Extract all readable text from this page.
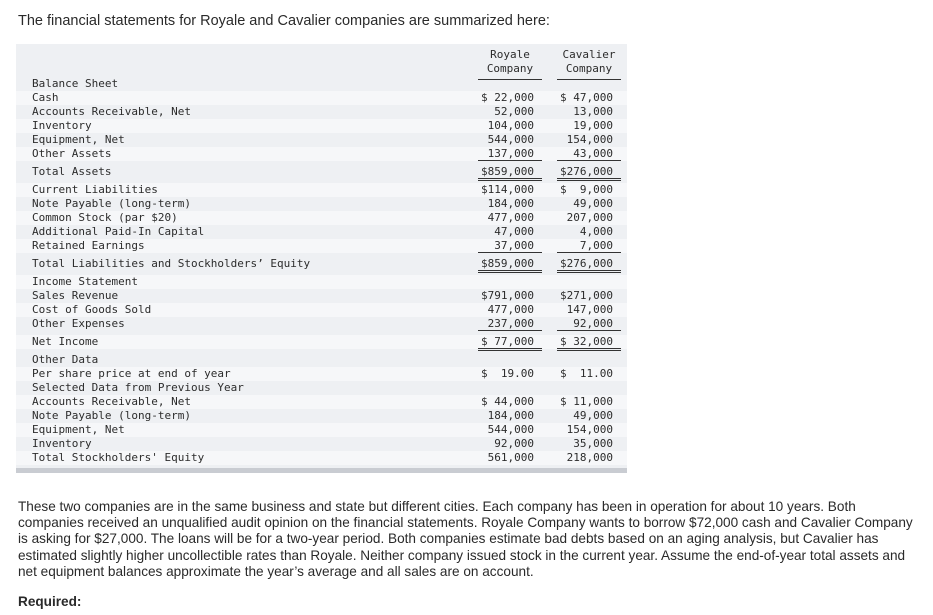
The financial statements for Royale and Cavalier companies are summarized here:
Royale
Company
Cavalier
Company
Balance Sheet
Cash	$ 22,000	$ 47,000
Accounts Receivable, Net	52,000	13,000
Inventory	104,000	19,000
Equipment, Net	544,000	154,000
Other Assets	137,000	43,000
Total Assets	$859,000	$276,000
Current Liabilities	$114,000	$  9,000
Note Payable (long-term)	184,000	49,000
Common Stock (par $20)	477,000	207,000
Additional Paid-In Capital	47,000	4,000
Retained Earnings	37,000	7,000
Total Liabilities and Stockholders’ Equity	$859,000	$276,000
Income Statement
Sales Revenue	$791,000	$271,000
Cost of Goods Sold	477,000	147,000
Other Expenses	237,000	92,000
Net Income	$ 77,000	$ 32,000
Other Data
Per share price at end of year	$  19.00	$  11.00
Selected Data from Previous Year
Accounts Receivable, Net	$ 44,000	$ 11,000
Note Payable (long-term)	184,000	49,000
Equipment, Net	544,000	154,000
Inventory	92,000	35,000
Total Stockholders' Equity	561,000	218,000
These two companies are in the same business and state but different cities. Each company has been in operation for about 10 years. Both companies received an unqualified audit opinion on the financial statements. Royale Company wants to borrow $72,000 cash and Cavalier Company is asking for $27,000. The loans will be for a two-year period. Both companies estimate bad debts based on an aging analysis, but Cavalier has estimated slightly higher uncollectible rates than Royale. Neither company issued stock in the current year. Assume the end-of-year total assets and net equipment balances approximate the year’s average and all sales are on account.
Required:
